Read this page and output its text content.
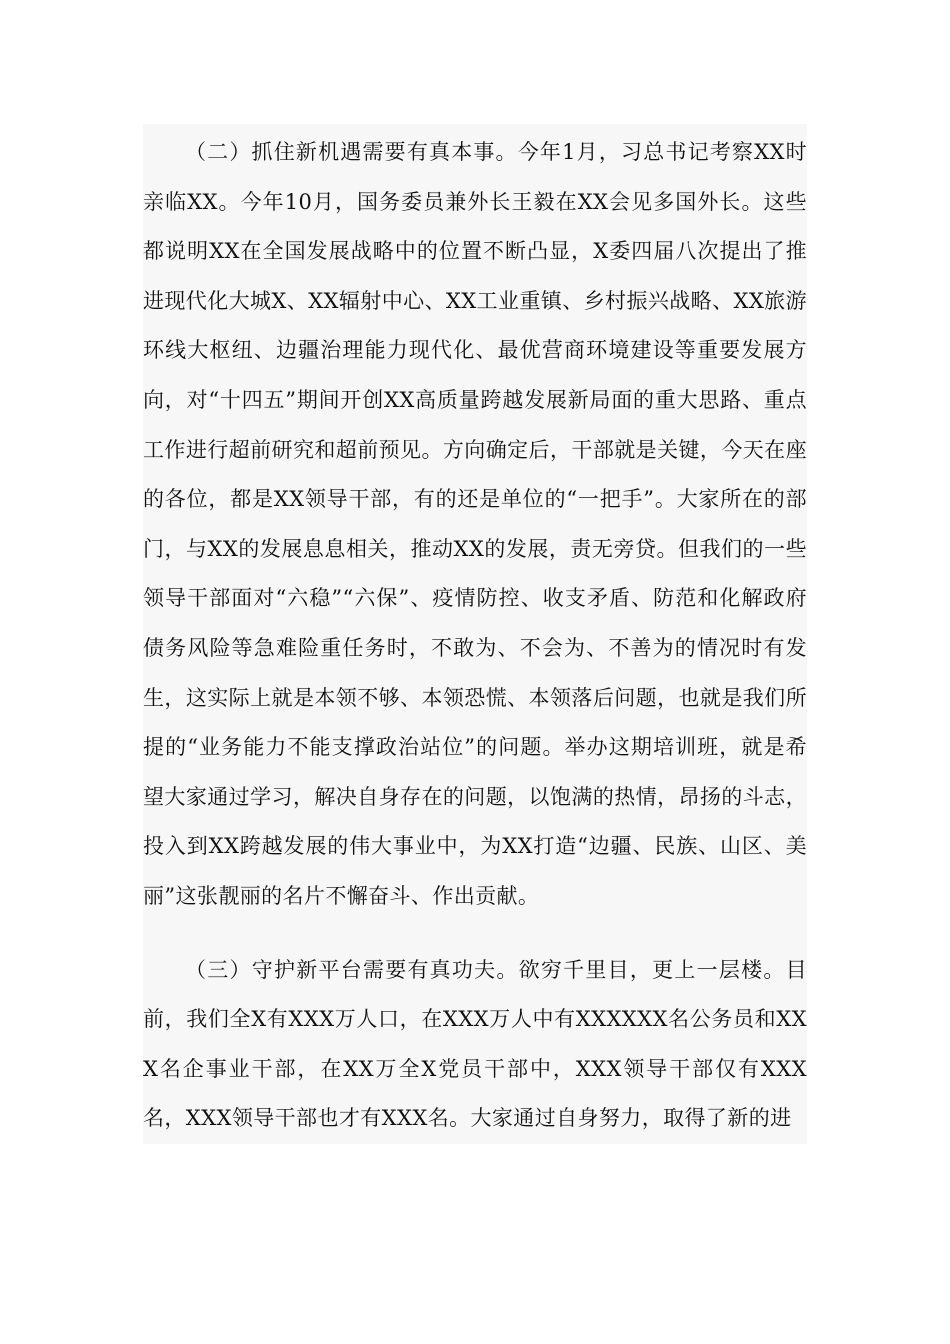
（二）抓住新机遇需要有真本事。今年1月，习总书记考察XX时亲临XX。今年10月，国务委员兼外长王毅在XX会见多国外长。这些都说明XX在全国发展战略中的位置不断凸显，X委四届八次提出了推进现代化大城X、XX辐射中心、XX工业重镇、乡村振兴战略、XX旅游环线大枢纽、边疆治理能力现代化、最优营商环境建设等重要发展方向，对“十四五”期间开创XX高质量跨越发展新局面的重大思路、重点工作进行超前研究和超前预见。方向确定后，干部就是关键，今天在座的各位，都是XX领导干部，有的还是单位的“一把手”。大家所在的部门，与XX的发展息息相关，推动XX的发展，责无旁贷。但我们的一些领导干部面对“六稳”“六保”、疫情防控、收支矛盾、防范和化解政府债务风险等急难险重任务时，不敢为、不会为、不善为的情况时有发生，这实际上就是本领不够、本领恐慌、本领落后问题，也就是我们所提的“业务能力不能支撑政治站位”的问题。举办这期培训班，就是希望大家通过学习，解决自身存在的问题，以饱满的热情，昂扬的斗志，投入到XX跨越发展的伟大事业中，为XX打造“边疆、民族、山区、美丽”这张靓丽的名片不懈奋斗、作出贡献。

（三）守护新平台需要有真功夫。欲穷千里目，更上一层楼。目前，我们全X有XXX万人口，在XXX万人中有XXXXXX名公务员和XXX名企事业干部，在XX万全X党员干部中，XXX领导干部仅有XXX名，XXX领导干部也才有XXX名。大家通过自身努力，取得了新的进
